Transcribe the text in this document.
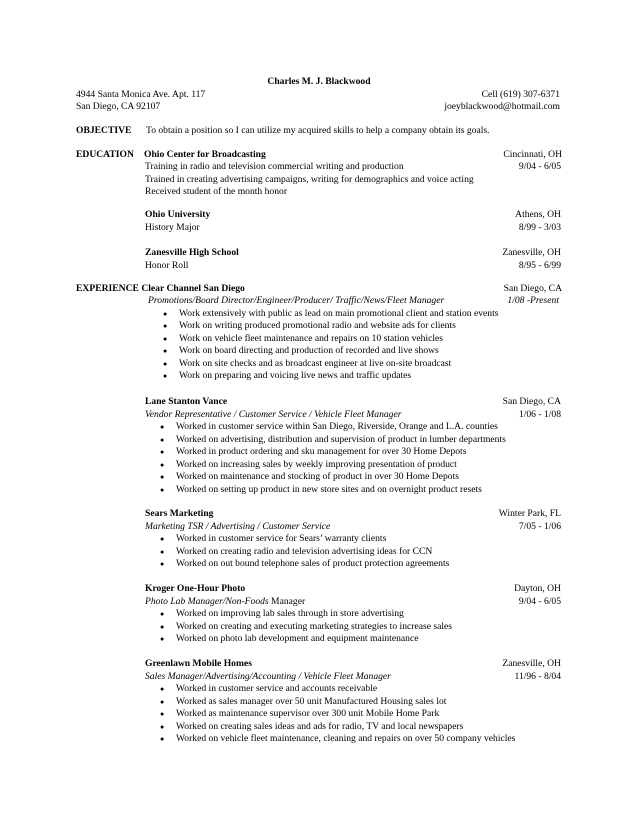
Charles M. J. Blackwood
4944 Santa Monica Ave. Apt. 117	Cell (619) 307-6371
San Diego, CA 92107	joeyblackwood@hotmail.com
OBJECTIVE To obtain a position so I can utilize my acquired skills to help a company obtain its goals.
EDUCATION Ohio Center for Broadcasting	Cincinnati, OH
Training in radio and television commercial writing and production	9/04 - 6/05
Trained in creating advertising campaigns, writing for demographics and voice acting
Received student of the month honor
Ohio University	Athens, OH
History Major	8/99 - 3/03
Zanesville High School	Zanesville, OH
Honor Roll	8/95 - 6/99
EXPERIENCE Clear Channel San Diego	San Diego, CA
Promotions/Board Director/Engineer/Producer/ Traffic/News/Fleet Manager	1/08 -Present
● Work extensively with public as lead on main promotional client and station events
● Work on writing produced promotional radio and website ads for clients
● Work on vehicle fleet maintenance and repairs on 10 station vehicles
● Work on board directing and production of recorded and live shows
● Work on site checks and as broadcast engineer at live on-site broadcast
● Work on preparing and voicing live news and traffic updates
Lane Stanton Vance	San Diego, CA
Vendor Representative / Customer Service / Vehicle Fleet Manager	1/06 - 1/08
● Worked in customer service within San Diego, Riverside, Orange and L.A. counties
● Worked on advertising, distribution and supervision of product in lumber departments
● Worked in product ordering and sku management for over 30 Home Depots
● Worked on increasing sales by weekly improving presentation of product
● Worked on maintenance and stocking of product in over 30 Home Depots
● Worked on setting up product in new store sites and on overnight product resets
Sears Marketing	Winter Park, FL
Marketing TSR / Advertising / Customer Service	7/05 - 1/06
● Worked in customer service for Sears’ warranty clients
● Worked on creating radio and television advertising ideas for CCN
● Worked on out bound telephone sales of product protection agreements
Kroger One-Hour Photo	Dayton, OH
Photo Lab Manager/Non-Foods Manager	9/04 - 6/05
● Worked on improving lab sales through in store advertising
● Worked on creating and executing marketing strategies to increase sales
● Worked on photo lab development and equipment maintenance
Greenlawn Mobile Homes	Zanesville, OH
Sales Manager/Advertising/Accounting / Vehicle Fleet Manager	11/96 - 8/04
● Worked in customer service and accounts receivable
● Worked as sales manager over 50 unit Manufactured Housing sales lot
● Worked as maintenance supervisor over 300 unit Mobile Home Park
● Worked on creating sales ideas and ads for radio, TV and local newspapers
● Worked on vehicle fleet maintenance, cleaning and repairs on over 50 company vehicles
